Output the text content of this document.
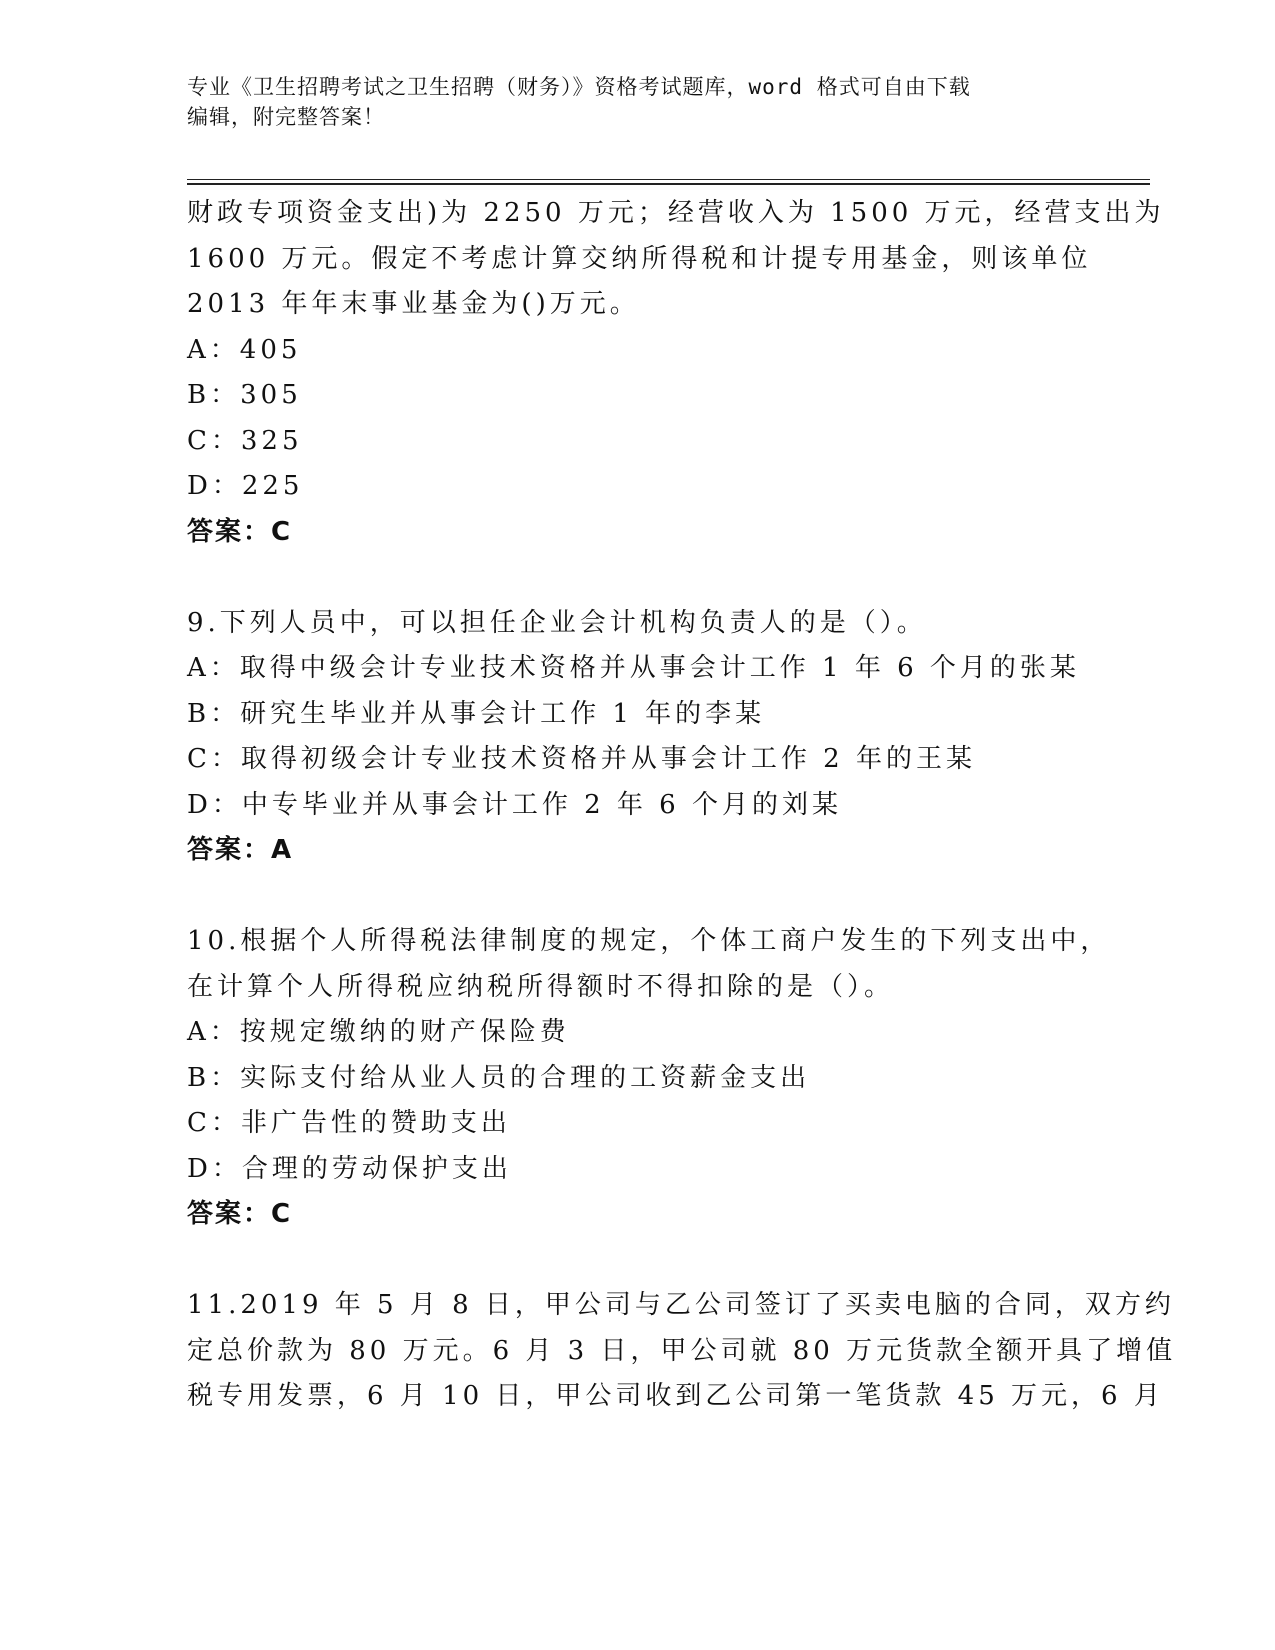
专业《卫生招聘考试之卫生招聘（财务）》资格考试题库，word 格式可自由下载
编辑，附完整答案！
财政专项资金支出)为 2250 万元；经营收入为 1500 万元，经营支出为
1600 万元。假定不考虑计算交纳所得税和计提专用基金，则该单位
2013 年年末事业基金为()万元。
A：405
B：305
C：325
D：225
答案：C
9.下列人员中，可以担任企业会计机构负责人的是（）。
A：取得中级会计专业技术资格并从事会计工作 1 年 6 个月的张某
B：研究生毕业并从事会计工作 1 年的李某
C：取得初级会计专业技术资格并从事会计工作 2 年的王某
D：中专毕业并从事会计工作 2 年 6 个月的刘某
答案：A
10.根据个人所得税法律制度的规定，个体工商户发生的下列支出中，
在计算个人所得税应纳税所得额时不得扣除的是（）。
A：按规定缴纳的财产保险费
B：实际支付给从业人员的合理的工资薪金支出
C：非广告性的赞助支出
D：合理的劳动保护支出
答案：C
11.2019 年 5 月 8 日，甲公司与乙公司签订了买卖电脑的合同，双方约
定总价款为 80 万元。6 月 3 日，甲公司就 80 万元货款全额开具了增值
税专用发票，6 月 10 日，甲公司收到乙公司第一笔货款 45 万元，6 月
